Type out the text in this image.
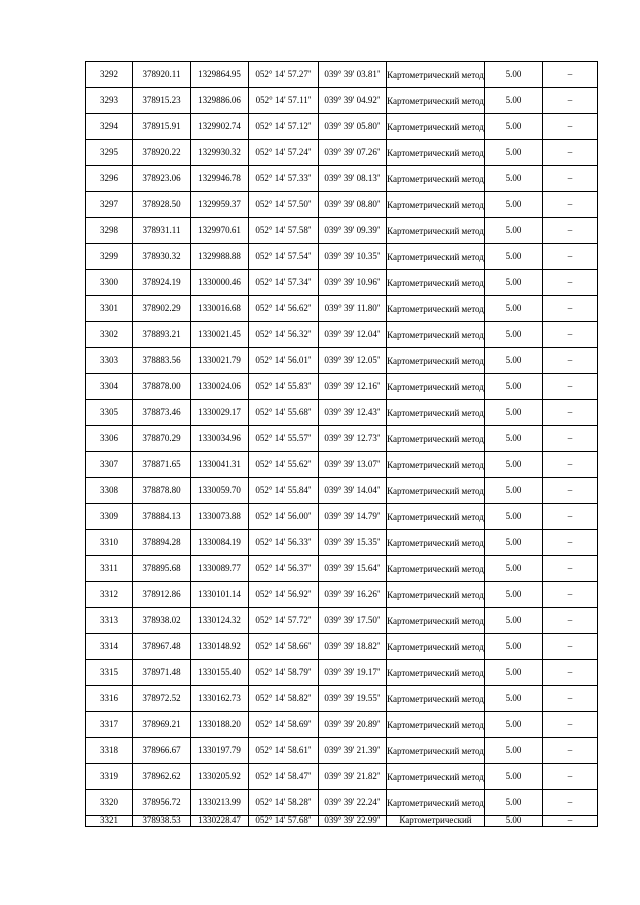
3292	378920.11	1329864.95	052° 14' 57.27"	039° 39' 03.81"	Картометрический метод	5.00	–
3293	378915.23	1329886.06	052° 14' 57.11"	039° 39' 04.92"	Картометрический метод	5.00	–
3294	378915.91	1329902.74	052° 14' 57.12"	039° 39' 05.80"	Картометрический метод	5.00	–
3295	378920.22	1329930.32	052° 14' 57.24"	039° 39' 07.26"	Картометрический метод	5.00	–
3296	378923.06	1329946.78	052° 14' 57.33"	039° 39' 08.13"	Картометрический метод	5.00	–
3297	378928.50	1329959.37	052° 14' 57.50"	039° 39' 08.80"	Картометрический метод	5.00	–
3298	378931.11	1329970.61	052° 14' 57.58"	039° 39' 09.39"	Картометрический метод	5.00	–
3299	378930.32	1329988.88	052° 14' 57.54"	039° 39' 10.35"	Картометрический метод	5.00	–
3300	378924.19	1330000.46	052° 14' 57.34"	039° 39' 10.96"	Картометрический метод	5.00	–
3301	378902.29	1330016.68	052° 14' 56.62"	039° 39' 11.80"	Картометрический метод	5.00	–
3302	378893.21	1330021.45	052° 14' 56.32"	039° 39' 12.04"	Картометрический метод	5.00	–
3303	378883.56	1330021.79	052° 14' 56.01"	039° 39' 12.05"	Картометрический метод	5.00	–
3304	378878.00	1330024.06	052° 14' 55.83"	039° 39' 12.16"	Картометрический метод	5.00	–
3305	378873.46	1330029.17	052° 14' 55.68"	039° 39' 12.43"	Картометрический метод	5.00	–
3306	378870.29	1330034.96	052° 14' 55.57"	039° 39' 12.73"	Картометрический метод	5.00	–
3307	378871.65	1330041.31	052° 14' 55.62"	039° 39' 13.07"	Картометрический метод	5.00	–
3308	378878.80	1330059.70	052° 14' 55.84"	039° 39' 14.04"	Картометрический метод	5.00	–
3309	378884.13	1330073.88	052° 14' 56.00"	039° 39' 14.79"	Картометрический метод	5.00	–
3310	378894.28	1330084.19	052° 14' 56.33"	039° 39' 15.35"	Картометрический метод	5.00	–
3311	378895.68	1330089.77	052° 14' 56.37"	039° 39' 15.64"	Картометрический метод	5.00	–
3312	378912.86	1330101.14	052° 14' 56.92"	039° 39' 16.26"	Картометрический метод	5.00	–
3313	378938.02	1330124.32	052° 14' 57.72"	039° 39' 17.50"	Картометрический метод	5.00	–
3314	378967.48	1330148.92	052° 14' 58.66"	039° 39' 18.82"	Картометрический метод	5.00	–
3315	378971.48	1330155.40	052° 14' 58.79"	039° 39' 19.17"	Картометрический метод	5.00	–
3316	378972.52	1330162.73	052° 14' 58.82"	039° 39' 19.55"	Картометрический метод	5.00	–
3317	378969.21	1330188.20	052° 14' 58.69"	039° 39' 20.89"	Картометрический метод	5.00	–
3318	378966.67	1330197.79	052° 14' 58.61"	039° 39' 21.39"	Картометрический метод	5.00	–
3319	378962.62	1330205.92	052° 14' 58.47"	039° 39' 21.82"	Картометрический метод	5.00	–
3320	378956.72	1330213.99	052° 14' 58.28"	039° 39' 22.24"	Картометрический метод	5.00	–
3321	378938.53	1330228.47	052° 14' 57.68"	039° 39' 22.99"	Картометрический	5.00	–
